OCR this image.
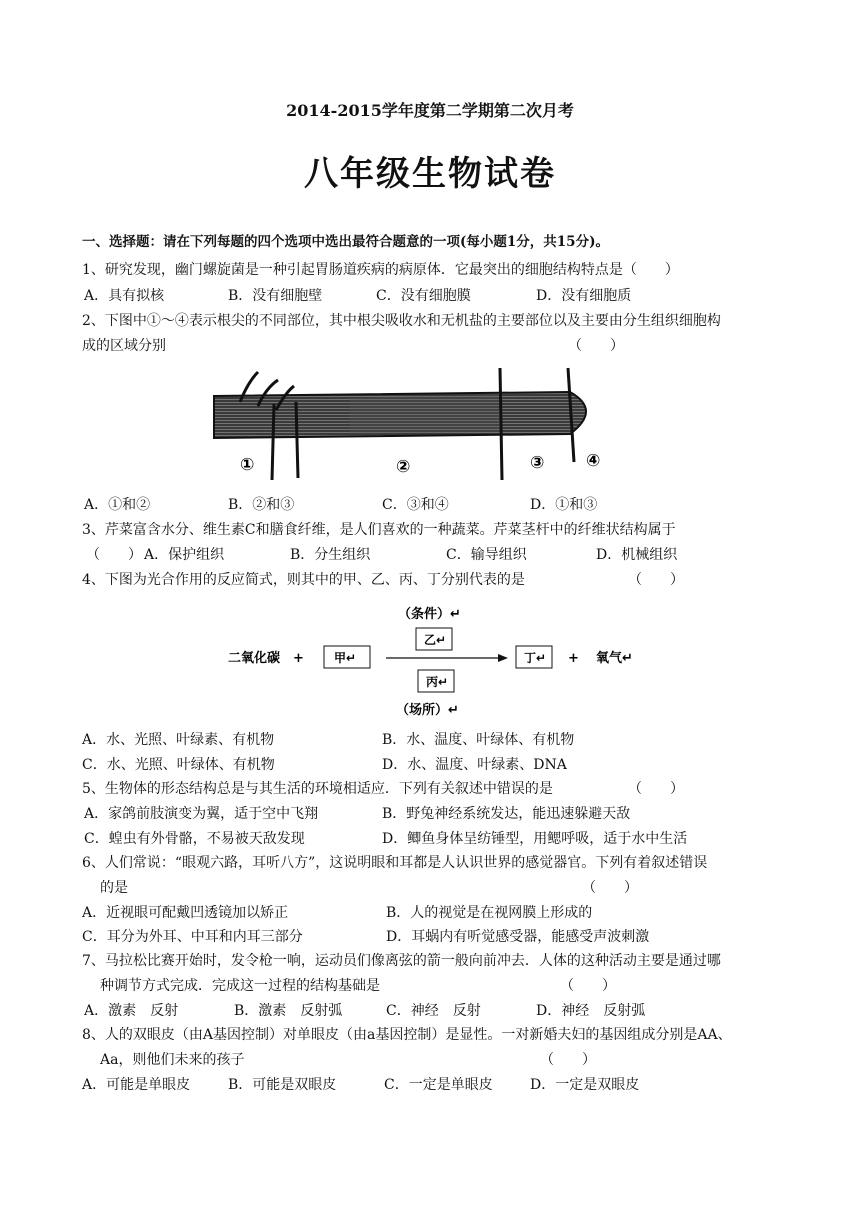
2014-2015学年度第二学期第二次月考
八年级生物试卷
一、选择题：请在下列每题的四个选项中选出最符合题意的一项(每小题1分，共15分)。
1、研究发现，幽门螺旋菌是一种引起胃肠道疾病的病原体．它最突出的细胞结构特点是（　　）
A．具有拟核	B．没有细胞壁	C．没有细胞膜	D．没有细胞质
2、下图中①～④表示根尖的不同部位，其中根尖吸收水和无机盐的主要部位以及主要由分生组织细胞构
成的区域分别	（　　）
①	②	③ ④
A．①和②	B．②和③	C．③和④	D．①和③
3、芹菜富含水分、维生素C和膳食纤维，是人们喜欢的一种蔬菜。芹菜茎杆中的纤维状结构属于
（　　） A．保护组织	B．分生组织	C．输导组织	D．机械组织
4、下图为光合作用的反应简式，则其中的甲、乙、丙、丁分别代表的是	（　　）
（条件）↵
乙↵
二氧化碳　+	甲↵	丁↵ + 氧气↵
丙↵
（场所）↵
A．水、光照、叶绿素、有机物	B．水、温度、叶绿体、有机物
C．水、光照、叶绿体、有机物	D．水、温度、叶绿素、DNA
5、生物体的形态结构总是与其生活的环境相适应．下列有关叙述中错误的是	（　　）
A．家鸽前肢演变为翼，适于空中飞翔	B．野兔神经系统发达，能迅速躲避天敌
C．蝗虫有外骨骼，不易被天敌发现	D．鲫鱼身体呈纺锤型，用鳃呼吸，适于水中生活
6、人们常说：“眼观六路，耳听八方”，这说明眼和耳都是人认识世界的感觉器官。下列有着叙述错误
的是	（　　）
A．近视眼可配戴凹透镜加以矫正	B．人的视觉是在视网膜上形成的
C．耳分为外耳、中耳和内耳三部分	D．耳蜗内有听觉感受器，能感受声波刺激
7、马拉松比赛开始时，发令枪一响，运动员们像离弦的箭一般向前冲去．人体的这种活动主要是通过哪
种调节方式完成．完成这一过程的结构基础是	（　　）
A．激素　反射	B．激素　反射弧	C．神经　反射	D．神经　反射弧
8、人的双眼皮（由A基因控制）对单眼皮（由a基因控制）是显性。一对新婚夫妇的基因组成分别是AA、
Aa，则他们未来的孩子	（　　）
A．可能是单眼皮	B．可能是双眼皮	C．一定是单眼皮	D．一定是双眼皮
